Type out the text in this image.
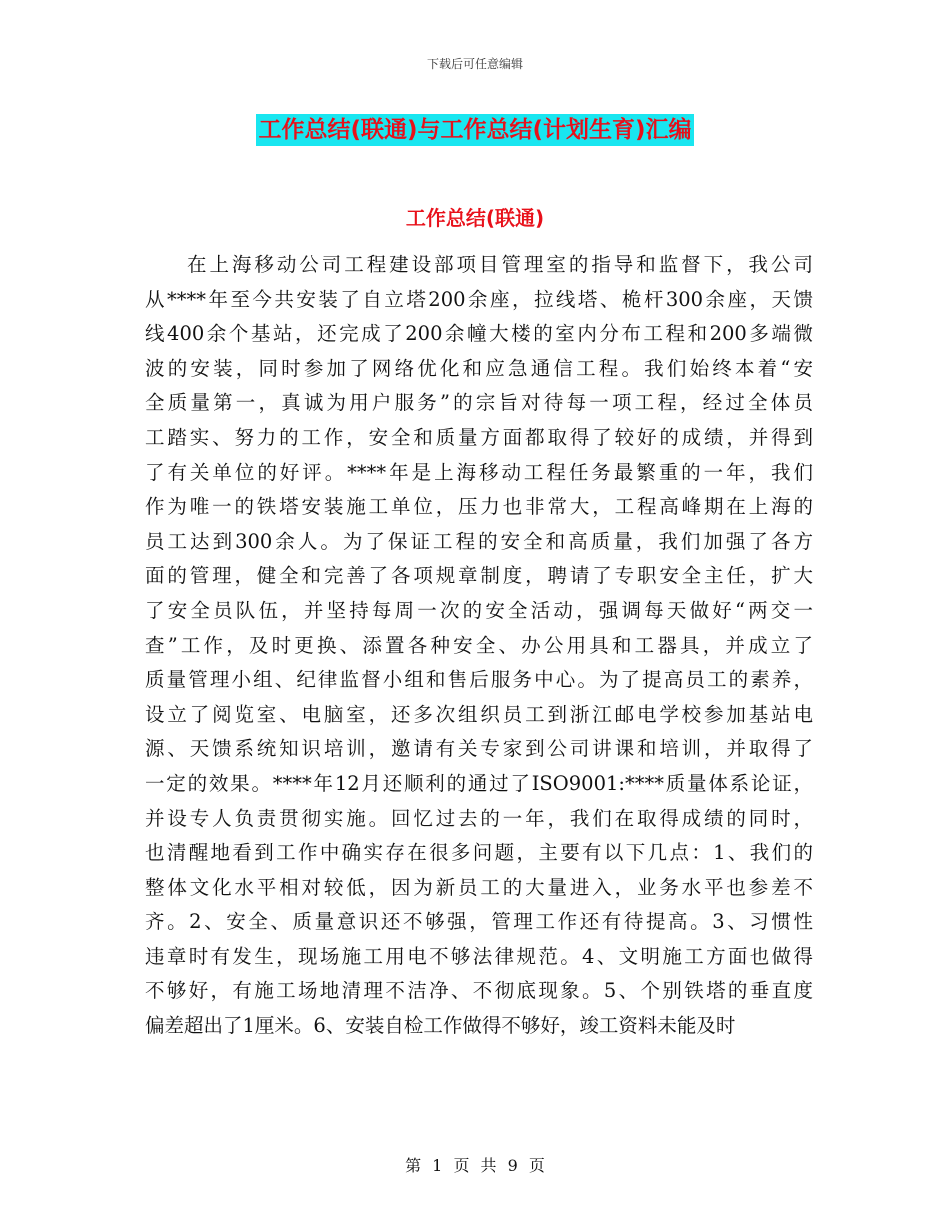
下载后可任意编辑
工作总结(联通)与工作总结(计划生育)汇编
工作总结(联通)
在上海移动公司工程建设部项目管理室的指导和监督下，我公司
从****年至今共安装了自立塔200余座，拉线塔、桅杆300余座，天馈
线400余个基站，还完成了200余幢大楼的室内分布工程和200多端微
波的安装，同时参加了网络优化和应急通信工程。我们始终本着“安
全质量第一，真诚为用户服务”的宗旨对待每一项工程，经过全体员
工踏实、努力的工作，安全和质量方面都取得了较好的成绩，并得到
了有关单位的好评。****年是上海移动工程任务最繁重的一年，我们
作为唯一的铁塔安装施工单位，压力也非常大，工程高峰期在上海的
员工达到300余人。为了保证工程的安全和高质量，我们加强了各方
面的管理，健全和完善了各项规章制度，聘请了专职安全主任，扩大
了安全员队伍，并坚持每周一次的安全活动，强调每天做好“两交一
查”工作，及时更换、添置各种安全、办公用具和工器具，并成立了
质量管理小组、纪律监督小组和售后服务中心。为了提高员工的素养，
设立了阅览室、电脑室，还多次组织员工到浙江邮电学校参加基站电
源、天馈系统知识培训，邀请有关专家到公司讲课和培训，并取得了
一定的效果。****年12月还顺利的通过了ISO9001:****质量体系论证，
并设专人负责贯彻实施。回忆过去的一年，我们在取得成绩的同时，
也清醒地看到工作中确实存在很多问题，主要有以下几点：1、我们的
整体文化水平相对较低，因为新员工的大量进入，业务水平也参差不
齐。2、安全、质量意识还不够强，管理工作还有待提高。3、习惯性
违章时有发生，现场施工用电不够法律规范。4、文明施工方面也做得
不够好，有施工场地清理不洁净、不彻底现象。5、个别铁塔的垂直度
偏差超出了1厘米。6、安装自检工作做得不够好，竣工资料未能及时
第 1 页 共 9 页
